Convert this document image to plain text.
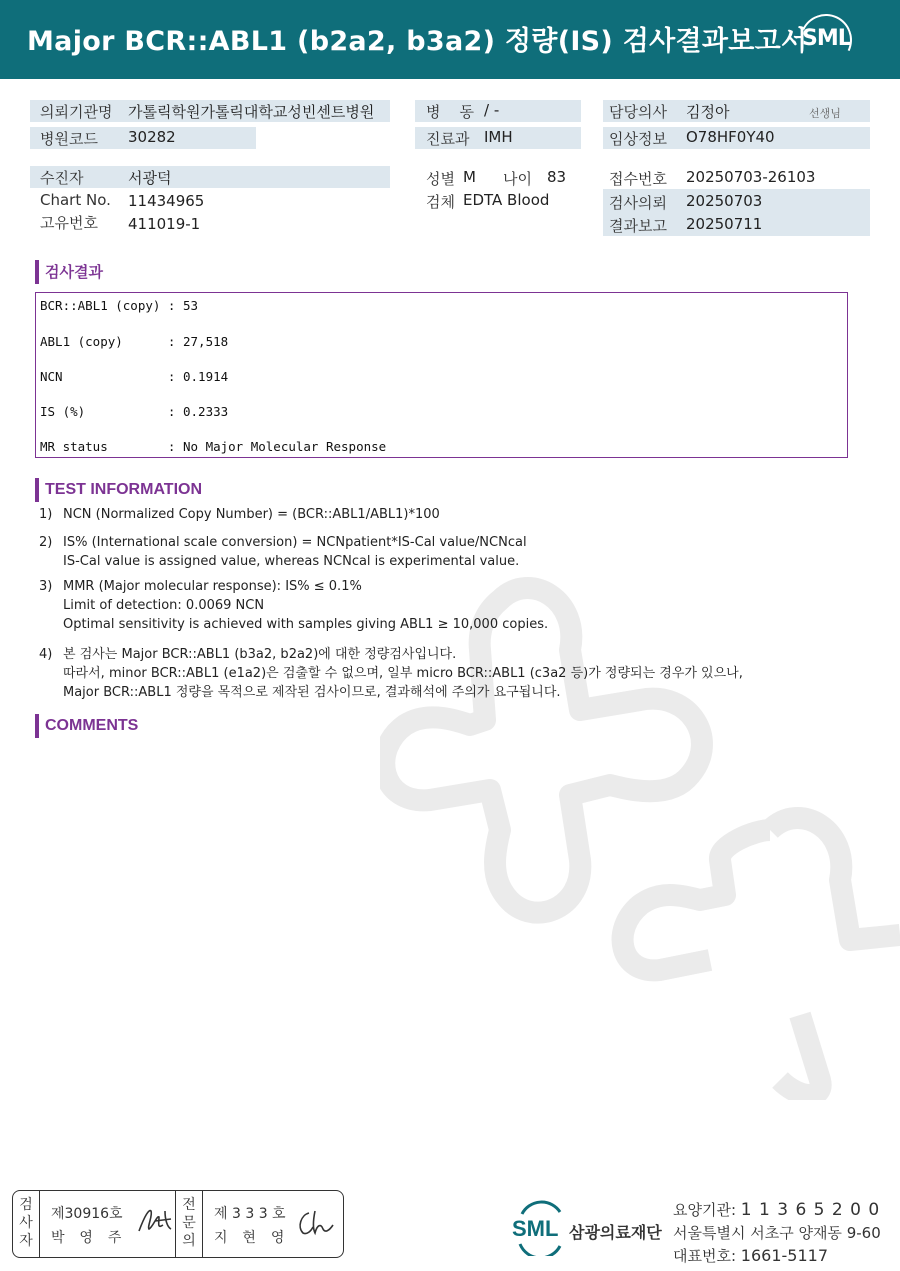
Major BCR::ABL1 (b2a2, b3a2) 정량(IS) 검사결과보고서
SML
의뢰기관명 가톨릭학원가톨릭대학교성빈센트병원
병원코드 30282
병    동 / -
진료과 IMH
담당의사 김정아	선생님
임상정보 O78HF0Y40
수진자	서광덕
Chart No. 11434965
고유번호 411019-1
성별 M 나이 83
검체 EDTA Blood
접수번호 20250703-26103
검사의뢰 20250703
결과보고 20250711
검사결과
BCR::ABL1 (copy) : 53
ABL1 (copy)      : 27,518
NCN              : 0.1914
IS (%)           : 0.2333
MR status        : No Major Molecular Response
TEST INFORMATION
1) NCN (Normalized Copy Number) = (BCR::ABL1/ABL1)*100
2) IS% (International scale conversion) = NCNpatient*IS-Cal value/NCNcal
IS-Cal value is assigned value, whereas NCNcal is experimental value.
3) MMR (Major molecular response): IS% ≤ 0.1%
Limit of detection: 0.0069 NCN
Optimal sensitivity is achieved with samples giving ABL1 ≥ 10,000 copies.
4) 본 검사는 Major BCR::ABL1 (b3a2, b2a2)에 대한 정량검사입니다.
따라서, minor BCR::ABL1 (e1a2)은 검출할 수 없으며, 일부 micro BCR::ABL1 (c3a2 등)가 정량되는 경우가 있으나,
Major BCR::ABL1 정량을 목적으로 제작된 검사이므로, 결과해석에 주의가 요구됩니다.
COMMENTS
검
사
자
제30916호
박  영  주
전
문
의
제 3 3 3 호
지  현  영	SML 삼광의료재단
요양기관: 1 1 3 6 5 2 0 0
서울특별시 서초구 양재동 9-60
대표번호: 1661-5117
